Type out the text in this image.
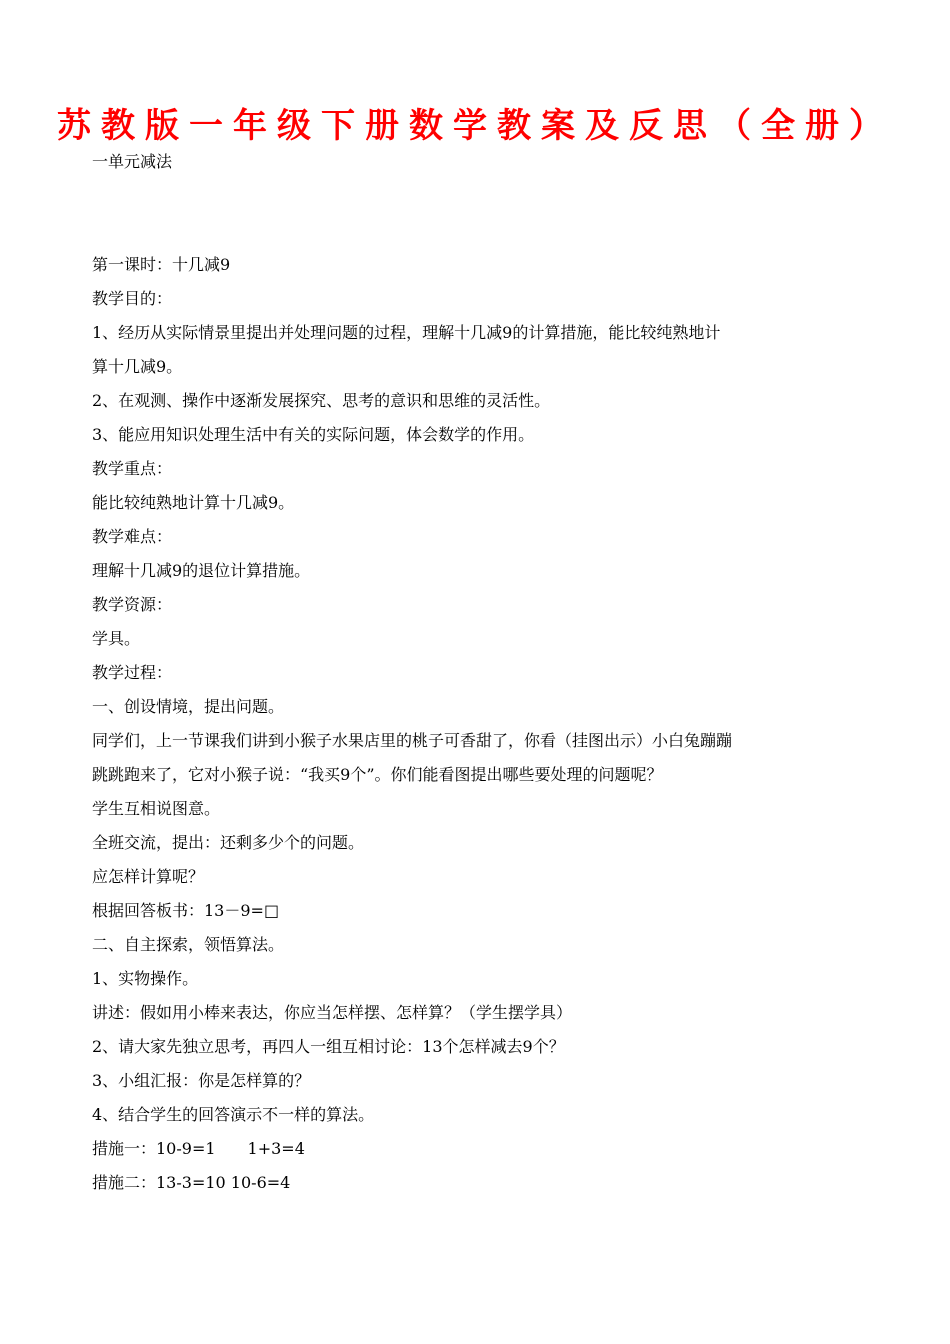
苏教版一年级下册数学教案及反思（全册）
一单元减法
第一课时：十几减9
教学目的：
1、经历从实际情景里提出并处理问题的过程，理解十几减9的计算措施，能比较纯熟地计
算十几减9。
2、在观测、操作中逐渐发展探究、思考的意识和思维的灵活性。
3、能应用知识处理生活中有关的实际问题，体会数学的作用。
教学重点：
能比较纯熟地计算十几减9。
教学难点：
理解十几减9的退位计算措施。
教学资源：
学具。
教学过程：
一、创设情境，提出问题。
同学们，上一节课我们讲到小猴子水果店里的桃子可香甜了，你看（挂图出示）小白兔蹦蹦
跳跳跑来了，它对小猴子说：“我买9个”。你们能看图提出哪些要处理的问题呢？
学生互相说图意。
全班交流，提出：还剩多少个的问题。
应怎样计算呢？
根据回答板书：13－9=□
二、自主探索，领悟算法。
1、实物操作。
讲述：假如用小棒来表达，你应当怎样摆、怎样算？（学生摆学具）
2、请大家先独立思考，再四人一组互相讨论：13个怎样减去9个？
3、小组汇报：你是怎样算的？
4、结合学生的回答演示不一样的算法。
措施一：10-9=1　　1+3=4
措施二：13-3=10 10-6=4
